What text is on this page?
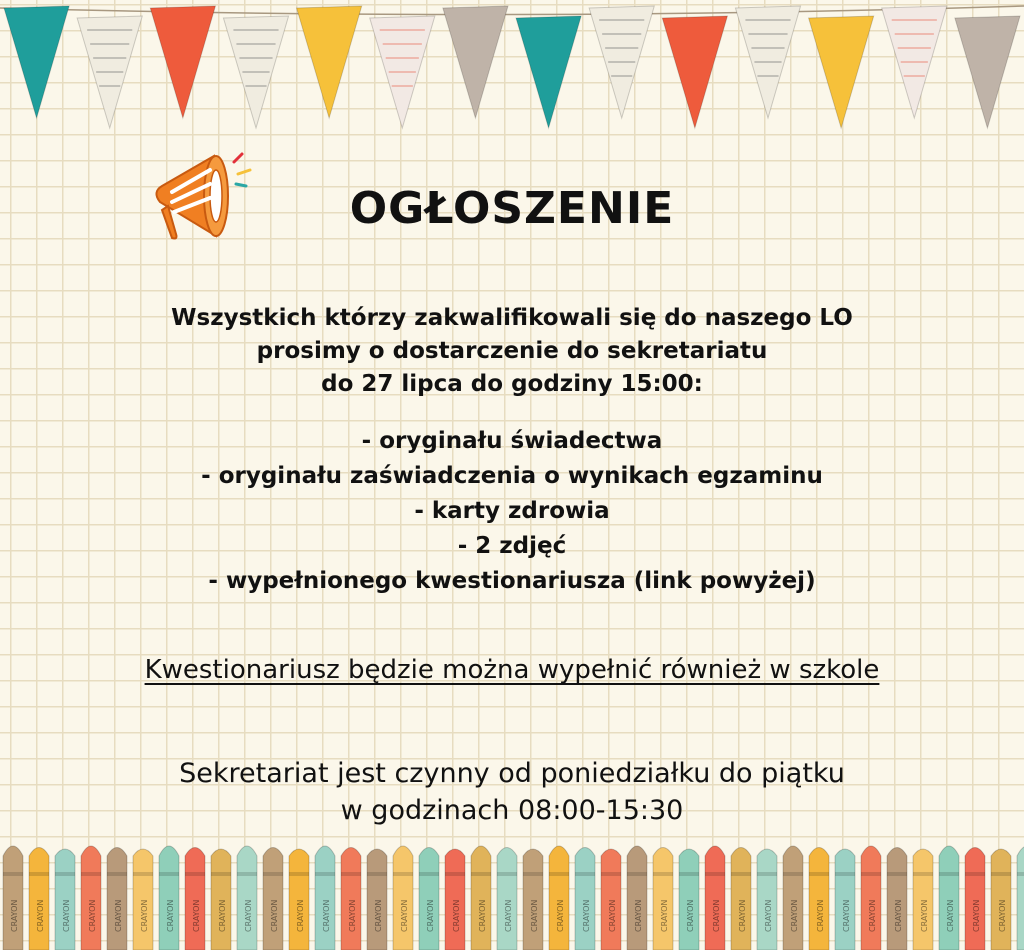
OGŁOSZENIE
Wszystkich którzy zakwalifikowali się do naszego LO
prosimy o dostarczenie do sekretariatu
do 27 lipca do godziny 15:00:
- oryginału świadectwa
- oryginału zaświadczenia o wynikach egzaminu
- karty zdrowia
- 2 zdjęć
- wypełnionego kwestionariusza (link powyżej)
Kwestionariusz będzie można wypełnić również w szkole
Sekretariat jest czynny od poniedziałku do piątku
w godzinach 08:00-15:30
CRAYON CRAYON CRAYON CRAYON CRAYON CRAYON CRAYON CRAYON CRAYON CRAYON CRAYON CRAYON CRAYON CRAYON CRAYON CRAYON CRAYON CRAYON CRAYON CRAYON CRAYON CRAYON CRAYON CRAYON CRAYON CRAYON CRAYON CRAYON CRAYON CRAYON CRAYON CRAYON CRAYON CRAYON CRAYON CRAYON CRAYON CRAYON CRAYON
